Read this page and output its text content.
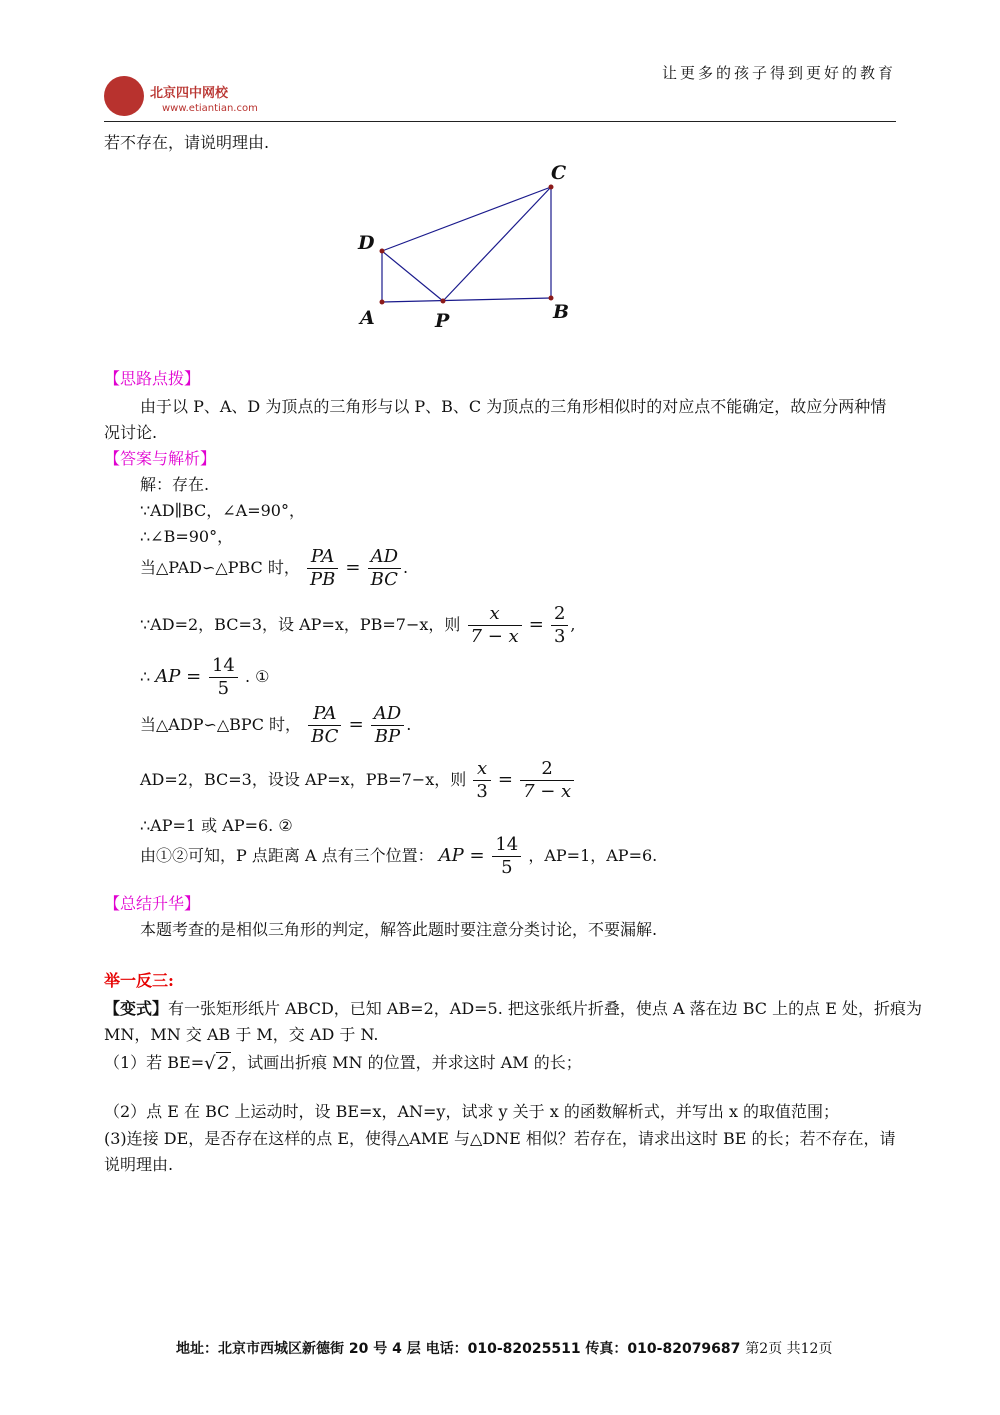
北京四中网校
www.etiantian.com
让更多的孩子得到更好的教育
若不存在，请说明理由.
D
A	P	B
C
【思路点拨】
由于以 P、A、D 为顶点的三角形与以 P、B、C 为顶点的三角形相似时的对应点不能确定，故应分两种情
况讨论.
【答案与解析】
解：存在.
∵AD∥BC，∠A=90°，
∴∠B=90°，
当△PAD∽△PBC 时， $\frac{PA}{PB} = \frac{AD}{BC}$ .
∵AD=2，BC=3，设 AP=x，PB=7−x，则 $\frac{x}{7 - x} = \frac{2}{3}$ ,
∴ AP = $\frac{14}{5}$ . ①
当△ADP∽△BPC 时， $\frac{PA}{BC} = \frac{AD}{BP}$ .
AD=2，BC=3，设设 AP=x，PB=7−x，则 $\frac{x}{3} = \frac{2}{7 - x}$
∴AP=1 或 AP=6. ②
由①②可知，P 点距离 A 点有三个位置： AP = $\frac{14}{5}$ ，AP=1，AP=6.
【总结升华】
本题考查的是相似三角形的判定，解答此题时要注意分类讨论，不要漏解.
举一反三:
【变式】有一张矩形纸片 ABCD，已知 AB=2，AD=5. 把这张纸片折叠，使点 A 落在边 BC 上的点 E 处，折痕为
MN，MN 交 AB 于 M，交 AD 于 N.
（1）若 BE=√ 2 ，试画出折痕 MN 的位置，并求这时 AM 的长；
（2）点 E 在 BC 上运动时，设 BE=x，AN=y，试求 y 关于 x 的函数解析式，并写出 x 的取值范围；
(3)连接 DE，是否存在这样的点 E，使得△AME 与△DNE 相似？若存在，请求出这时 BE 的长；若不存在，请
说明理由.
地址：北京市西城区新德街 20 号 4 层 电话：010-82025511 传真：010-82079687 第2页 共12页
